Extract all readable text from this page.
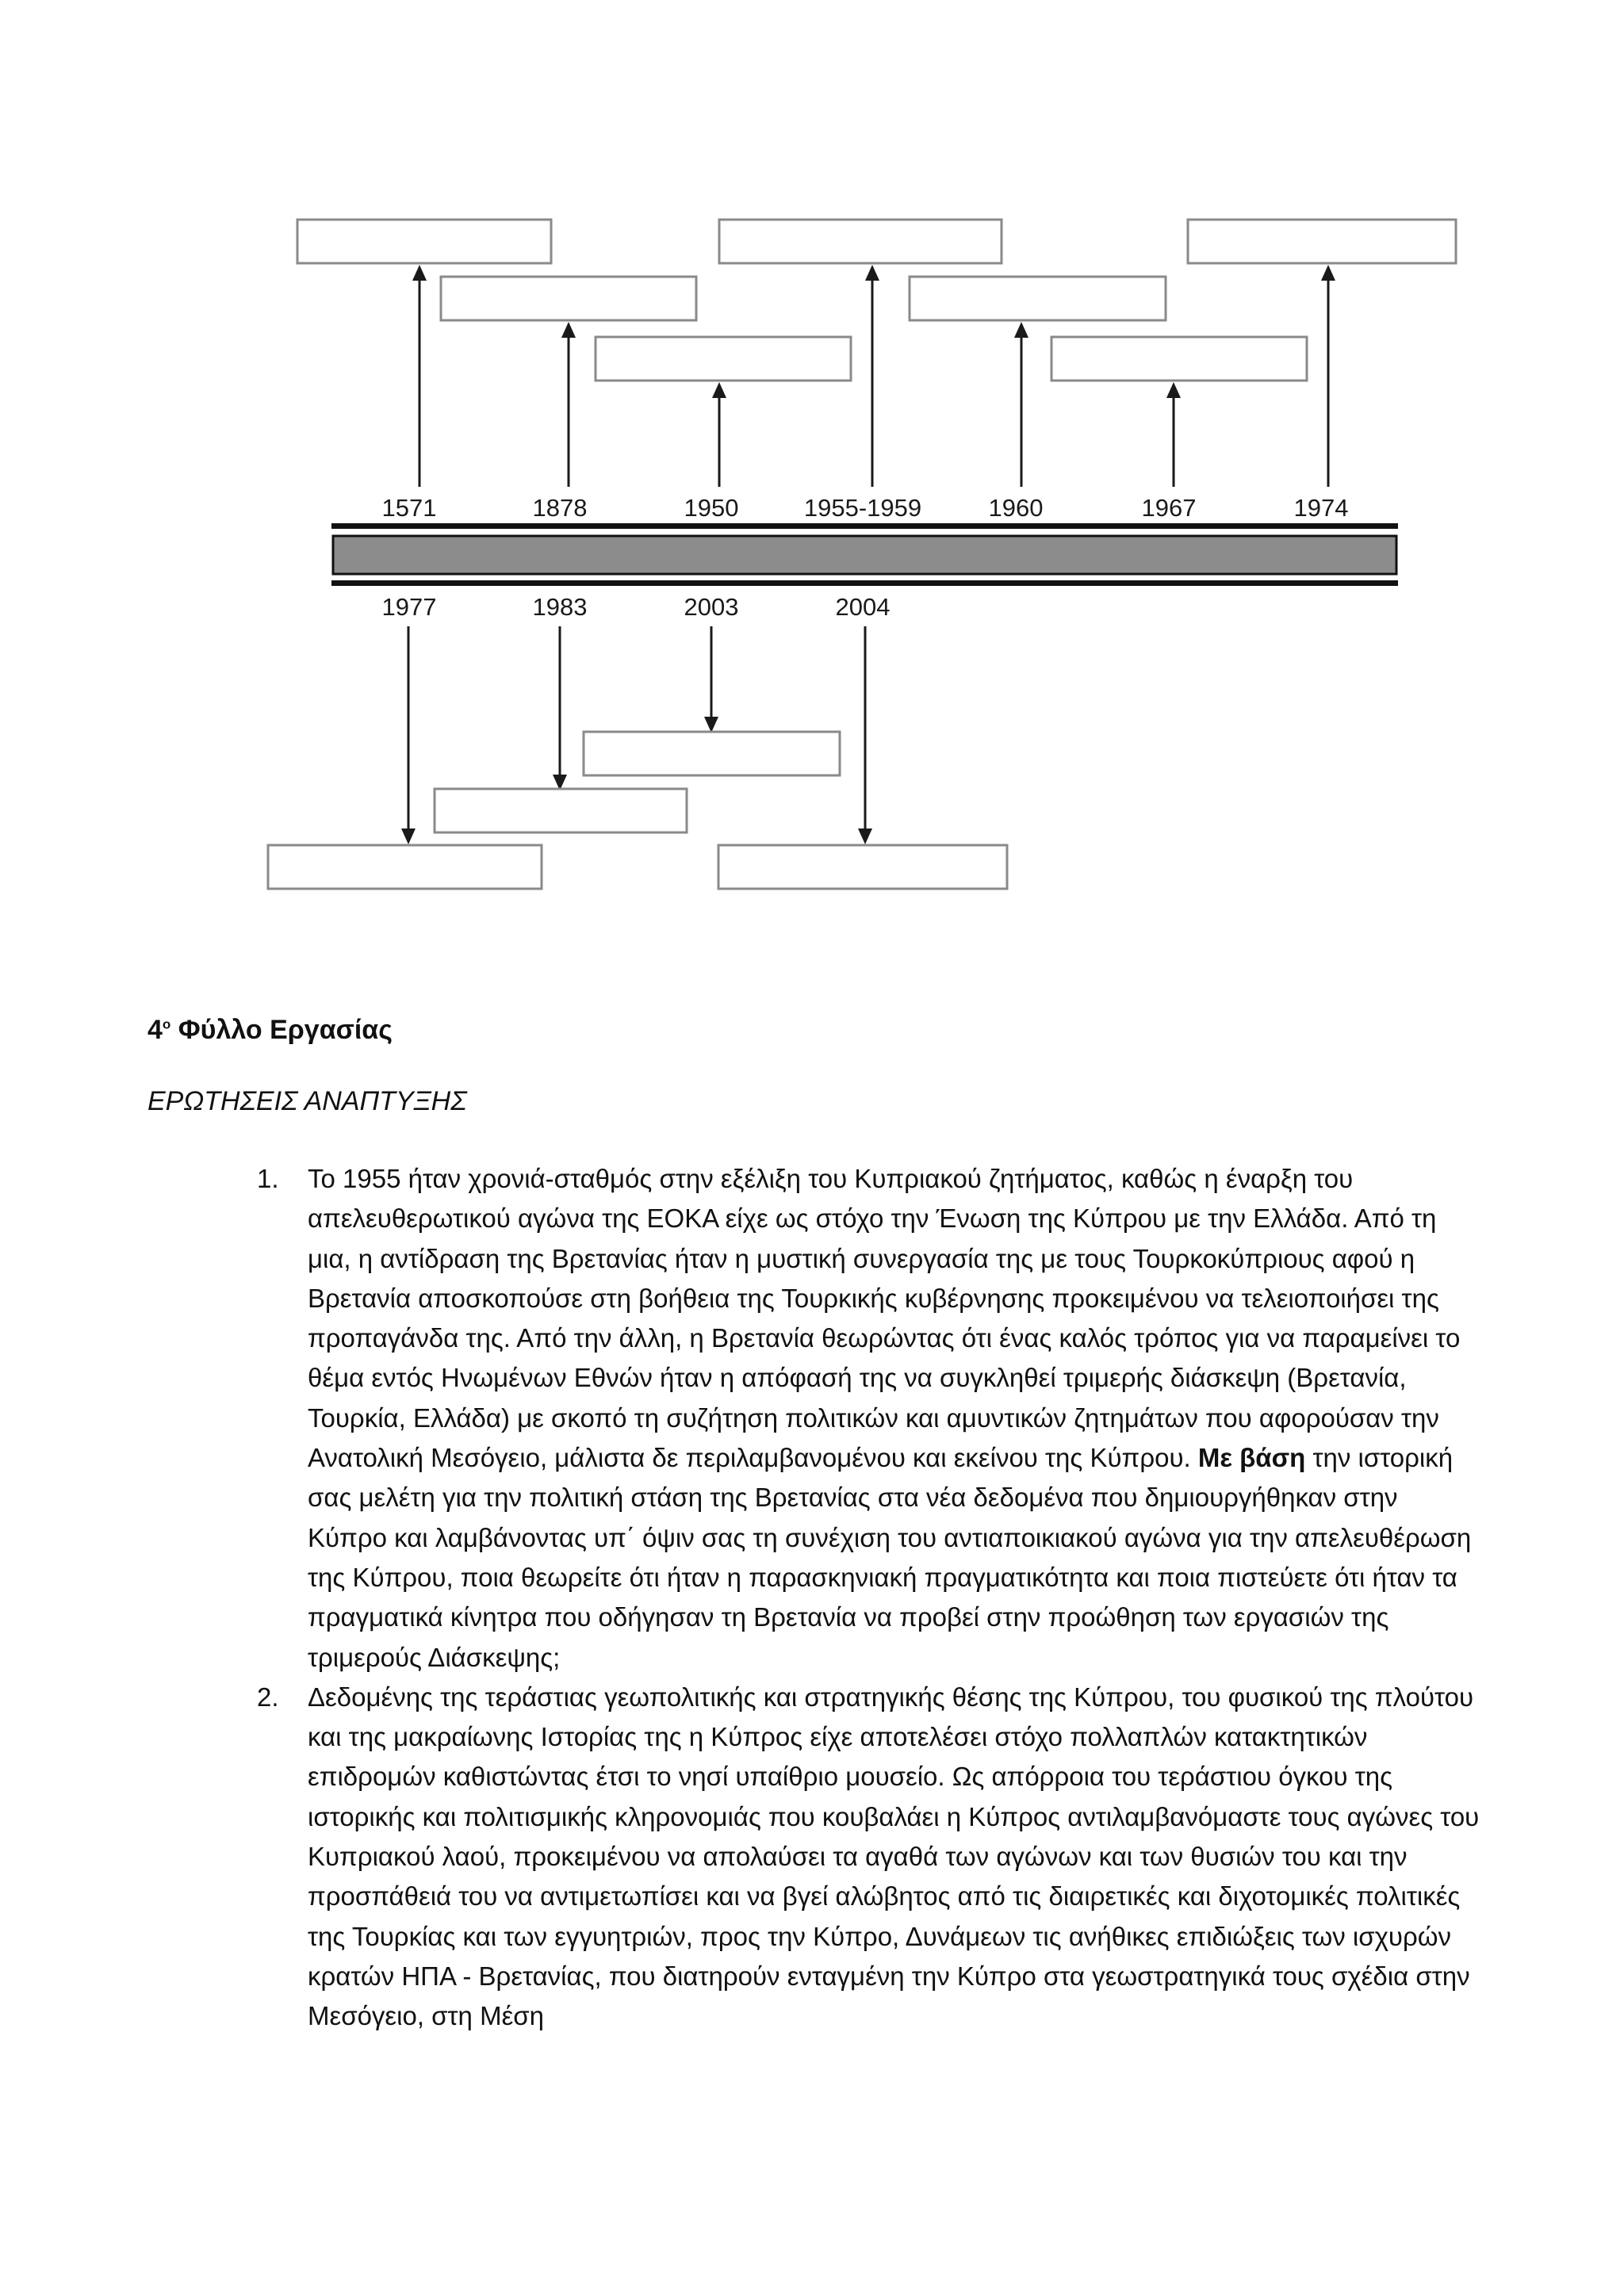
1571	1878	1950	1955-1959	1960	1967	1974
1977	1983	2003	2004
$4^o$ Φύλλο Εργασίας
ΕΡΩΤΗΣΕΙΣ ΑΝΑΠΤΥΞΗΣ
1. Το 1955 ήταν χρονιά-σταθμός στην εξέλιξη του Κυπριακού ζητήματος, καθώς η έναρξη του απελευθερωτικού αγώνα της ΕΟΚΑ είχε ως στόχο την Ένωση της Κύπρου με την Ελλάδα. Από τη μια, η αντίδραση της Βρετανίας ήταν η μυστική συνεργασία της με τους Τουρκοκύπριους αφού η Βρετανία αποσκοπούσε στη βοήθεια της Τουρκικής κυβέρνησης προκειμένου να τελειοποιήσει της προπαγάνδα της. Από την άλλη, η Βρετανία θεωρώντας ότι ένας καλός τρόπος για να παραμείνει το θέμα εντός Ηνωμένων Εθνών ήταν η απόφασή της να συγκληθεί τριμερής διάσκεψη (Βρετανία, Τουρκία, Ελλάδα) με σκοπό τη συζήτηση πολιτικών και αμυντικών ζητημάτων που αφορούσαν την Ανατολική Μεσόγειο, μάλιστα δε περιλαμβανομένου και εκείνου της Κύπρου. Με βάση την ιστορική σας μελέτη για την πολιτική στάση της Βρετανίας στα νέα δεδομένα που δημιουργήθηκαν στην Κύπρο και λαμβάνοντας υπ΄ όψιν σας τη συνέχιση του αντιαποικιακού αγώνα για την απελευθέρωση της Κύπρου, ποια θεωρείτε ότι ήταν η παρασκηνιακή πραγματικότητα και ποια πιστεύετε ότι ήταν τα πραγματικά κίνητρα που οδήγησαν τη Βρετανία να προβεί στην προώθηση των εργασιών της τριμερούς Διάσκεψης;
2. Δεδομένης της τεράστιας γεωπολιτικής και στρατηγικής θέσης της Κύπρου, του φυσικού της πλούτου και της μακραίωνης Ιστορίας της η Κύπρος είχε αποτελέσει στόχο πολλαπλών κατακτητικών επιδρομών καθιστώντας έτσι το νησί υπαίθριο μουσείο. Ως απόρροια του τεράστιου όγκου της ιστορικής και πολιτισμικής κληρονομιάς που κουβαλάει η Κύπρος αντιλαμβανόμαστε τους αγώνες του Κυπριακού λαού, προκειμένου να απολαύσει τα αγαθά των αγώνων και των θυσιών του και την προσπάθειά του να αντιμετωπίσει και να βγεί αλώβητος από τις διαιρετικές και διχοτομικές πολιτικές της Τουρκίας και των εγγυητριών, προς την Κύπρο, Δυνάμεων τις ανήθικες επιδιώξεις των ισχυρών κρατών ΗΠΑ - Βρετανίας, που διατηρούν ενταγμένη την Κύπρο στα γεωστρατηγικά τους σχέδια στην Μεσόγειο, στη Μέση
